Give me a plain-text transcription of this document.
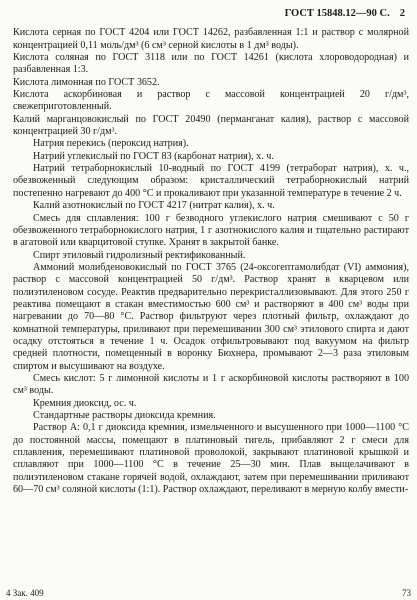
ГОСТ 15848.12—90 С. 2

Кислота серная по ГОСТ 4204 или ГОСТ 14262, разбавленная 1:1 и раствор с молярной концентрацией 0,11 моль/дм³ (6 см³ серной кислоты в 1 дм³ воды).

Кислота соляная по ГОСТ 3118 или по ГОСТ 14261 (кислота хлороводородная) и разбавленная 1:3.

Кислота лимонная по ГОСТ 3652.

Кислота аскорбиновая и раствор с массовой концентрацией 20 г/дм³, свежеприготовленный.

Калий марганцовокислый по ГОСТ 20490 (перманганат калия), раствор с массовой концентрацией 30 г/дм³.

Натрия перекись (пероксид натрия).

Натрий углекислый по ГОСТ 83 (карбонат натрия), х. ч.

Натрий тетраборнокислый 10-водный по ГОСТ 4199 (тетраборат натрия), х. ч., обезвоженный следующим образом: кристаллический тетраборнокислый натрий постепенно нагревают до 400 °С и прокаливают при указанной температуре в течение 2 ч.

Калий азотнокислый по ГОСТ 4217 (нитрат калия), х. ч.

Смесь для сплавления: 100 г безводного углекислого натрия смешивают с 50 г обезвоженного тетраборнокислого натрия, 1 г азотнокислого калия и тщательно растирают в агатовой или кварцитовой ступке. Хранят в закрытой банке.

Спирт этиловый гидролизный ректификованный.

Аммоний молибденовокислый по ГОСТ 3765 (24-оксогептамолибдат (VI) аммония), раствор с массовой концентрацией 50 г/дм³. Раствор хранят в кварцевом или полиэтиленовом сосуде. Реактив предварительно перекристаллизовывают. Для этого 250 г реактива помещают в стакан вместимостью 600 см³ и растворяют в 400 см³ воды при нагревании до 70—80 °С. Раствор фильтруют через плотный фильтр, охлаждают до комнатной температуры, приливают при перемешивании 300 см³ этилового спирта и дают осадку отстояться в течение 1 ч. Осадок отфильтровывают под вакуумом на фильтр средней плотности, помещенный в воронку Бюхнера, промывают 2—3 раза этиловым спиртом и высушивают на воздухе.

Смесь кислот: 5 г лимонной кислоты и 1 г аскорбиновой кислоты растворяют в 100 см³ воды.

Кремния диоксид, ос. ч.

Стандартные растворы диоксида кремния.

Раствор А: 0,1 г диоксида кремния, измельченного и высушенного при 1000—1100 °С до постоянной массы, помещают в платиновый тигель, прибавляют 2 г смеси для сплавления, перемешивают платиновой проволокой, закрывают платиновой крышкой и сплавляют при 1000—1100 °С в течение 25—30 мин. Плав выщелачивают в полиэтиленовом стакане горячей водой, охлаждают, затем при перемешивании приливают 60—70 см³ соляной кислоты (1:1). Раствор охлаждают, переливают в мерную колбу вмести-

4 Зак. 409	73
